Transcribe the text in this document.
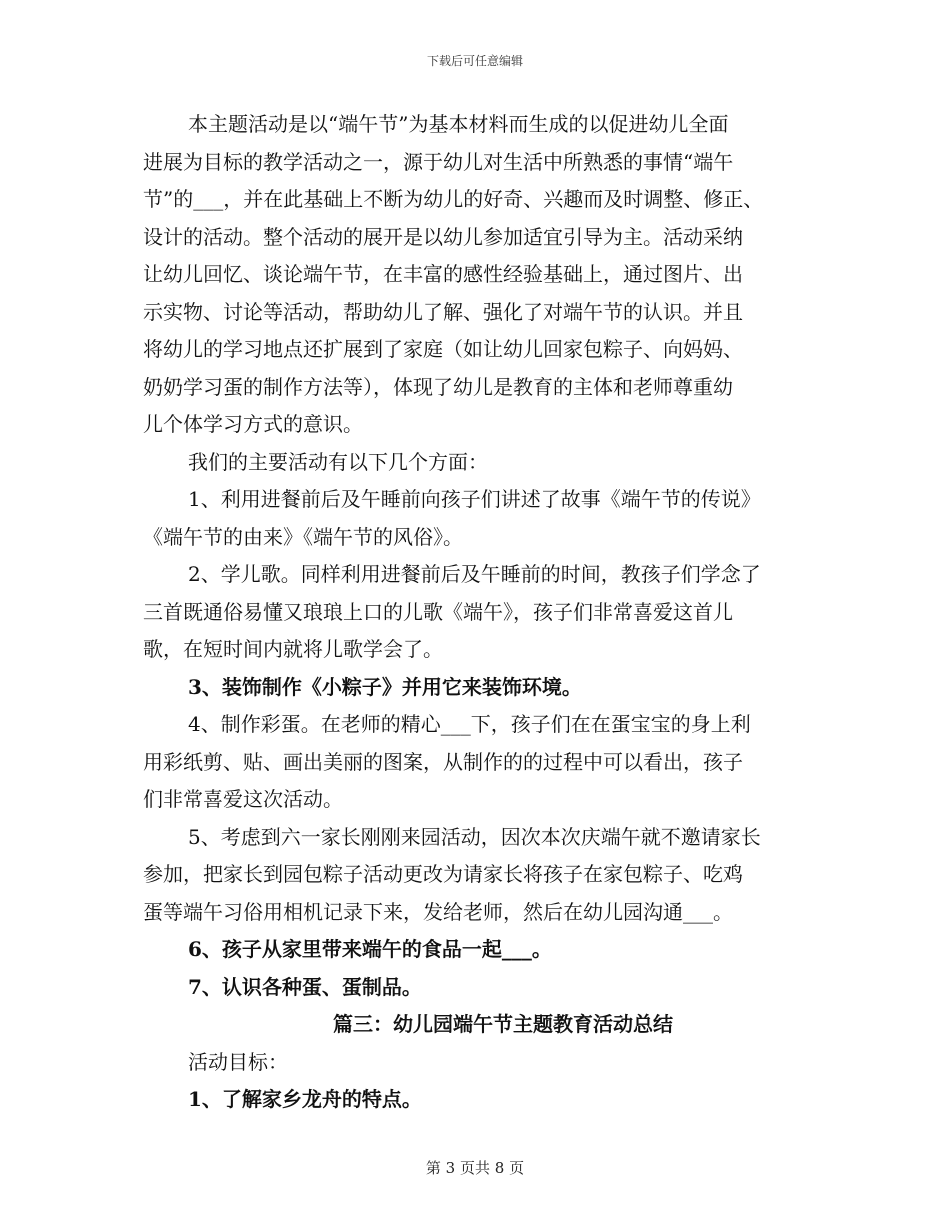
下载后可任意编辑

本主题活动是以“端午节”为基本材料而生成的以促进幼儿全面
进展为目标的教学活动之一，源于幼儿对生活中所熟悉的事情“端午
节”的___，并在此基础上不断为幼儿的好奇、兴趣而及时调整、修正、
设计的活动。整个活动的展开是以幼儿参加适宜引导为主。活动采纳
让幼儿回忆、谈论端午节，在丰富的感性经验基础上，通过图片、出
示实物、讨论等活动，帮助幼儿了解、强化了对端午节的认识。并且
将幼儿的学习地点还扩展到了家庭（如让幼儿回家包粽子、向妈妈、
奶奶学习蛋的制作方法等），体现了幼儿是教育的主体和老师尊重幼
儿个体学习方式的意识。

我们的主要活动有以下几个方面：

1、利用进餐前后及午睡前向孩子们讲述了故事《端午节的传说》
《端午节的由来》《端午节的风俗》。

2、学儿歌。同样利用进餐前后及午睡前的时间，教孩子们学念了
三首既通俗易懂又琅琅上口的儿歌《端午》，孩子们非常喜爱这首儿
歌，在短时间内就将儿歌学会了。

3、装饰制作《小粽子》并用它来装饰环境。

4、制作彩蛋。在老师的精心___下，孩子们在在蛋宝宝的身上利
用彩纸剪、贴、画出美丽的图案，从制作的的过程中可以看出，孩子
们非常喜爱这次活动。

5、考虑到六一家长刚刚来园活动，因次本次庆端午就不邀请家长
参加，把家长到园包粽子活动更改为请家长将孩子在家包粽子、吃鸡
蛋等端午习俗用相机记录下来，发给老师，然后在幼儿园沟通___。

6、孩子从家里带来端午的食品一起___。

7、认识各种蛋、蛋制品。

篇三：幼儿园端午节主题教育活动总结

活动目标：

1、了解家乡龙舟的特点。

第 3 页共 8 页
